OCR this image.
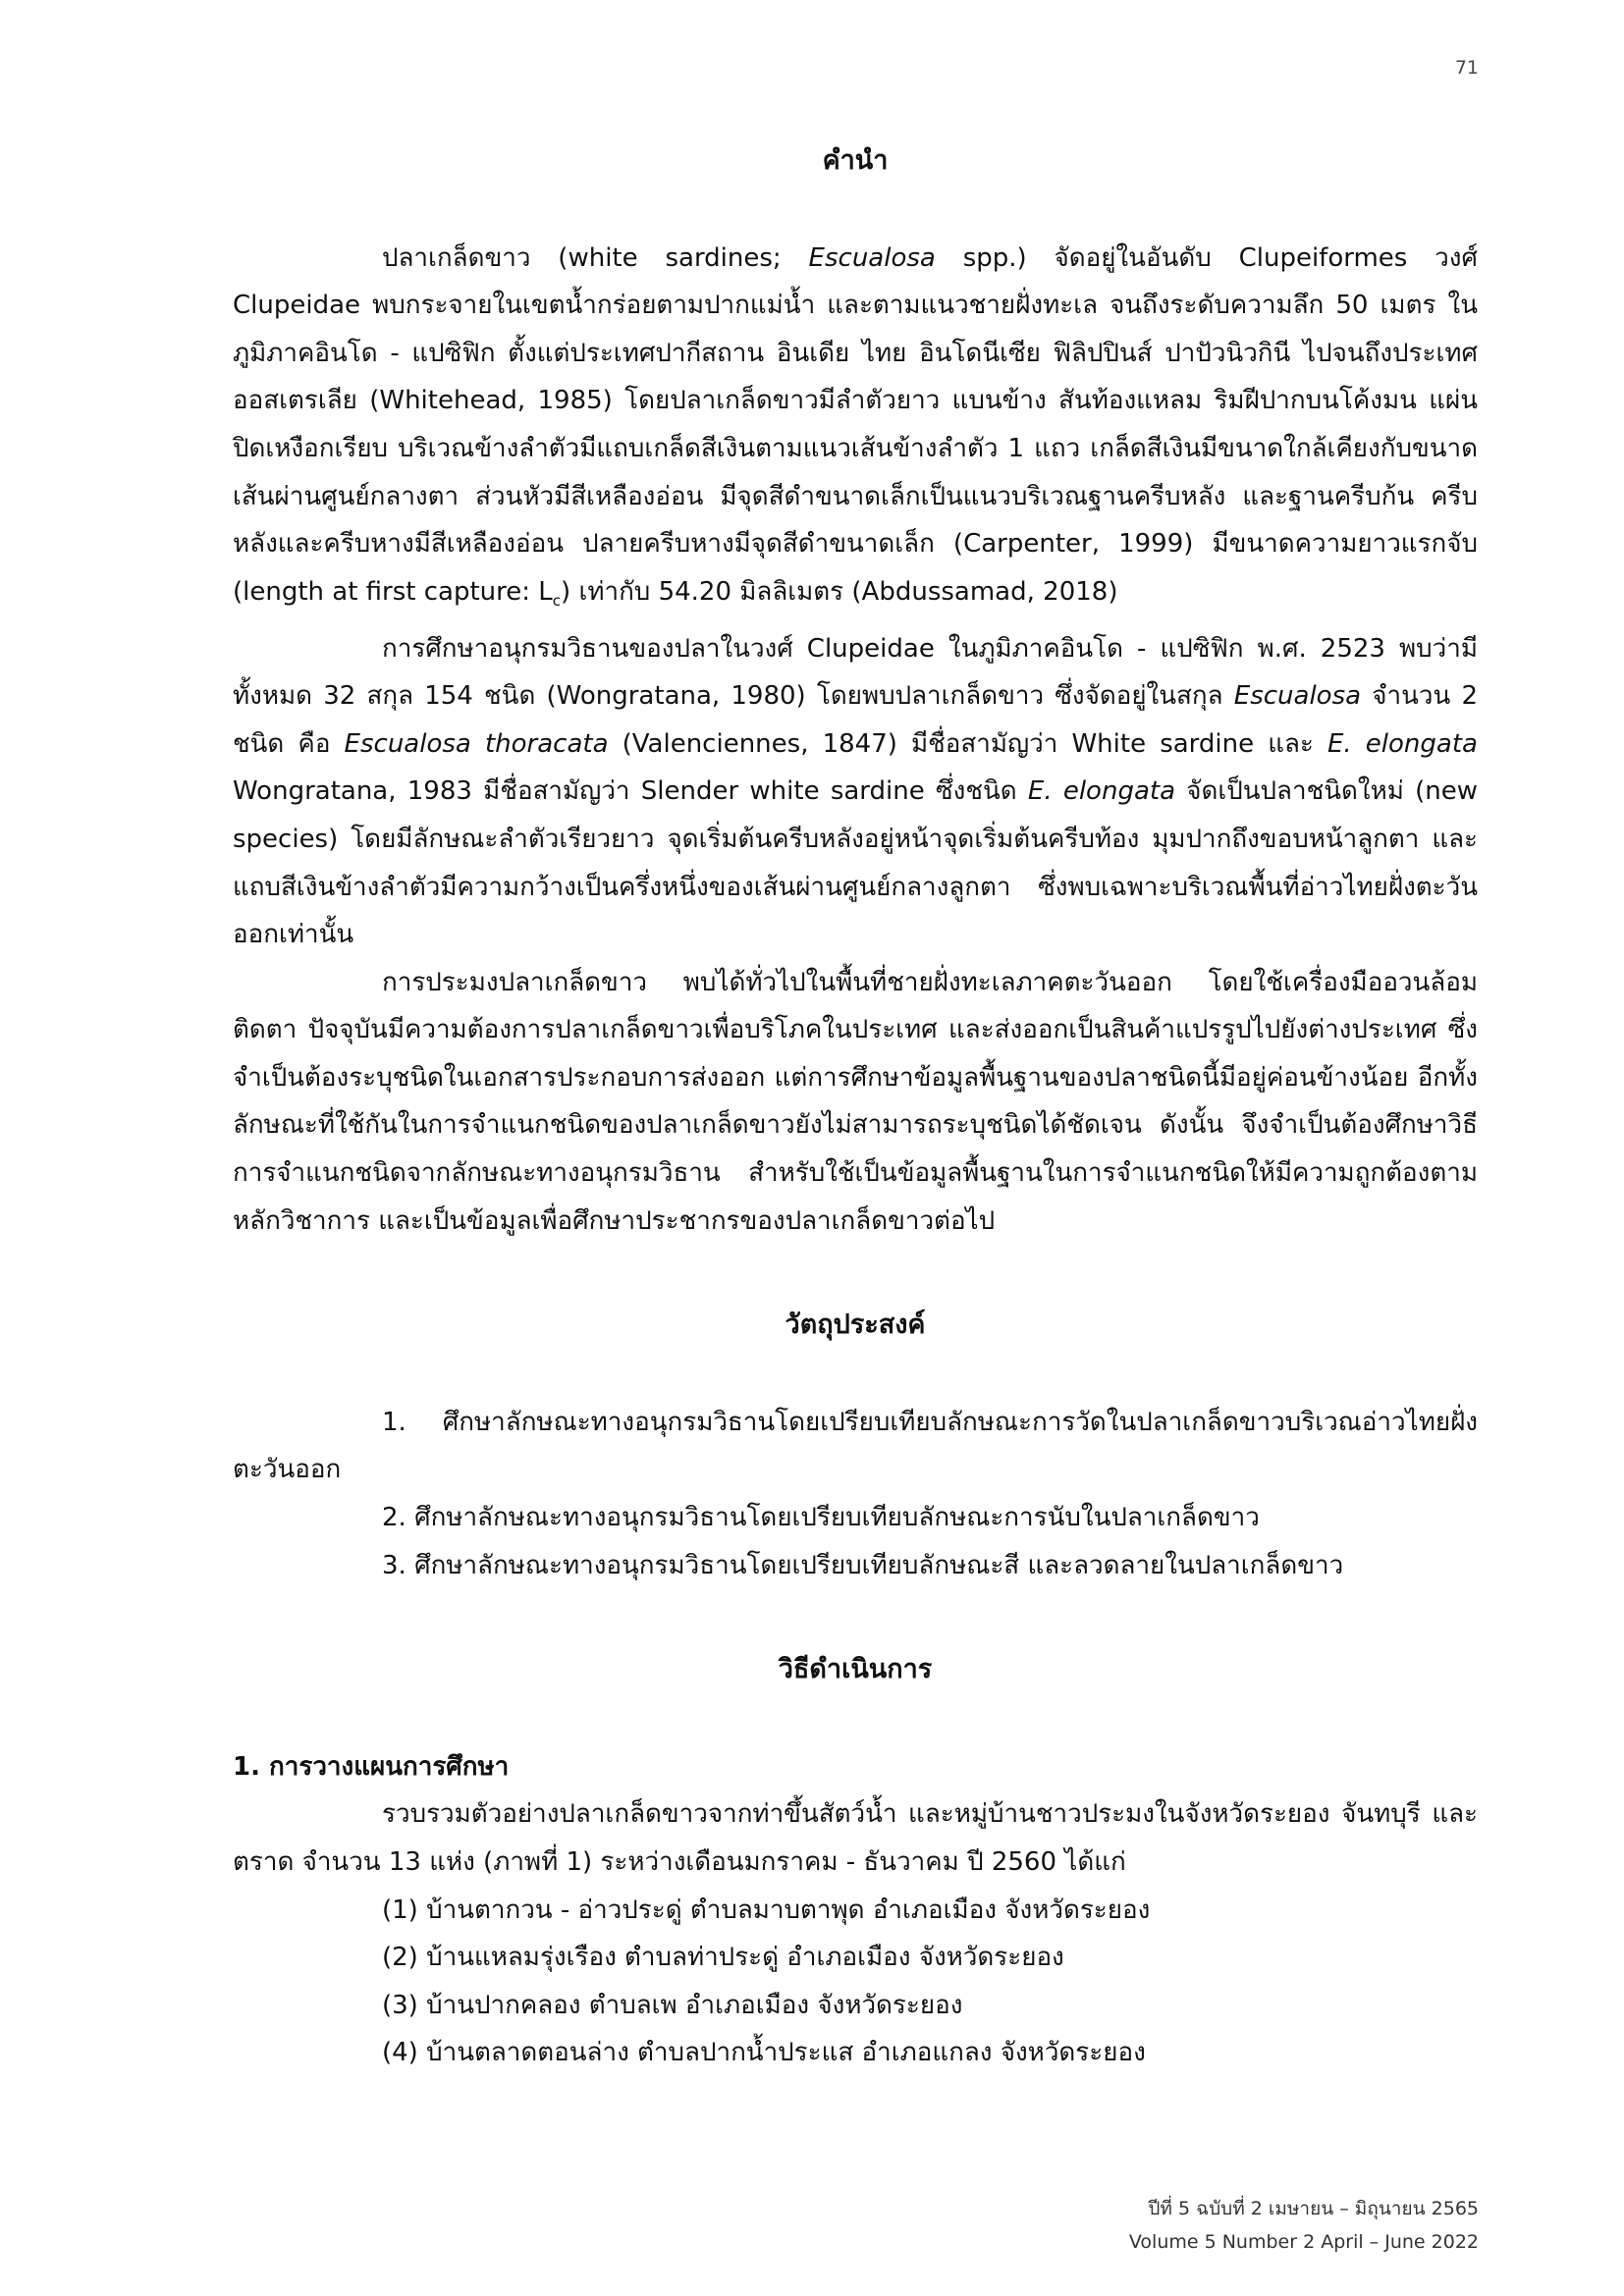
71
คำนำ

ปลาเกล็ดขาว (white sardines; Escualosa spp.) จัดอยู่ในอันดับ Clupeiformes วงศ์ Clupeidae พบกระจายในเขตน้ำกร่อยตามปากแม่น้ำ และตามแนวชายฝั่งทะเล จนถึงระดับความลึก 50 เมตร ในภูมิภาคอินโด - แปซิฟิก ตั้งแต่ประเทศปากีสถาน อินเดีย ไทย อินโดนีเซีย ฟิลิปปินส์ ปาปัวนิวกินี ไปจนถึงประเทศออสเตรเลีย (Whitehead, 1985) โดยปลาเกล็ดขาวมีลำตัวยาว แบนข้าง สันท้องแหลม ริมฝีปากบนโค้งมน แผ่นปิดเหงือกเรียบ บริเวณข้างลำตัวมีแถบเกล็ดสีเงินตามแนวเส้นข้างลำตัว 1 แถว เกล็ดสีเงินมีขนาดใกล้เคียงกับขนาดเส้นผ่านศูนย์กลางตา ส่วนหัวมีสีเหลืองอ่อน มีจุดสีดำขนาดเล็กเป็นแนวบริเวณฐานครีบหลัง และฐานครีบก้น ครีบหลังและครีบหางมีสีเหลืองอ่อน ปลายครีบหางมีจุดสีดำขนาดเล็ก (Carpenter, 1999) มีขนาดความยาวแรกจับ (length at first capture: $L_c$) เท่ากับ 54.20 มิลลิเมตร (Abdussamad, 2018)

การศึกษาอนุกรมวิธานของปลาในวงศ์ Clupeidae ในภูมิภาคอินโด - แปซิฟิก พ.ศ. 2523 พบว่ามีทั้งหมด 32 สกุล 154 ชนิด (Wongratana, 1980) โดยพบปลาเกล็ดขาว ซึ่งจัดอยู่ในสกุล Escualosa จำนวน 2 ชนิด คือ Escualosa thoracata (Valenciennes, 1847) มีชื่อสามัญว่า White sardine และ E. elongata Wongratana, 1983 มีชื่อสามัญว่า Slender white sardine ซึ่งชนิด E. elongata จัดเป็นปลาชนิดใหม่ (new species) โดยมีลักษณะลำตัวเรียวยาว จุดเริ่มต้นครีบหลังอยู่หน้าจุดเริ่มต้นครีบท้อง มุมปากถึงขอบหน้าลูกตา และแถบสีเงินข้างลำตัวมีความกว้างเป็นครึ่งหนึ่งของเส้นผ่านศูนย์กลางลูกตา ซึ่งพบเฉพาะบริเวณพื้นที่อ่าวไทยฝั่งตะวันออกเท่านั้น

การประมงปลาเกล็ดขาว พบได้ทั่วไปในพื้นที่ชายฝั่งทะเลภาคตะวันออก โดยใช้เครื่องมืออวนล้อมติดตา ปัจจุบันมีความต้องการปลาเกล็ดขาวเพื่อบริโภคในประเทศ และส่งออกเป็นสินค้าแปรรูปไปยังต่างประเทศ ซึ่งจำเป็นต้องระบุชนิดในเอกสารประกอบการส่งออก แต่การศึกษาข้อมูลพื้นฐานของปลาชนิดนี้มีอยู่ค่อนข้างน้อย อีกทั้งลักษณะที่ใช้กันในการจำแนกชนิดของปลาเกล็ดขาวยังไม่สามารถระบุชนิดได้ชัดเจน ดังนั้น จึงจำเป็นต้องศึกษาวิธีการจำแนกชนิดจากลักษณะทางอนุกรมวิธาน สำหรับใช้เป็นข้อมูลพื้นฐานในการจำแนกชนิดให้มีความถูกต้องตามหลักวิชาการ และเป็นข้อมูลเพื่อศึกษาประชากรของปลาเกล็ดขาวต่อไป

วัตถุประสงค์

1. ศึกษาลักษณะทางอนุกรมวิธานโดยเปรียบเทียบลักษณะการวัดในปลาเกล็ดขาวบริเวณอ่าวไทยฝั่งตะวันออก

2. ศึกษาลักษณะทางอนุกรมวิธานโดยเปรียบเทียบลักษณะการนับในปลาเกล็ดขาว

3. ศึกษาลักษณะทางอนุกรมวิธานโดยเปรียบเทียบลักษณะสี และลวดลายในปลาเกล็ดขาว

วิธีดำเนินการ

1. การวางแผนการศึกษา

รวบรวมตัวอย่างปลาเกล็ดขาวจากท่าขึ้นสัตว์น้ำ และหมู่บ้านชาวประมงในจังหวัดระยอง จันทบุรี และตราด จำนวน 13 แห่ง (ภาพที่ 1) ระหว่างเดือนมกราคม - ธันวาคม ปี 2560 ได้แก่

(1) บ้านตากวน - อ่าวประดู่ ตำบลมาบตาพุด อำเภอเมือง จังหวัดระยอง

(2) บ้านแหลมรุ่งเรือง ตำบลท่าประดู่ อำเภอเมือง จังหวัดระยอง

(3) บ้านปากคลอง ตำบลเพ อำเภอเมือง จังหวัดระยอง

(4) บ้านตลาดตอนล่าง ตำบลปากน้ำประแส อำเภอแกลง จังหวัดระยอง

ปีที่ 5 ฉบับที่ 2 เมษายน – มิถุนายน 2565
Volume 5 Number 2 April – June 2022
